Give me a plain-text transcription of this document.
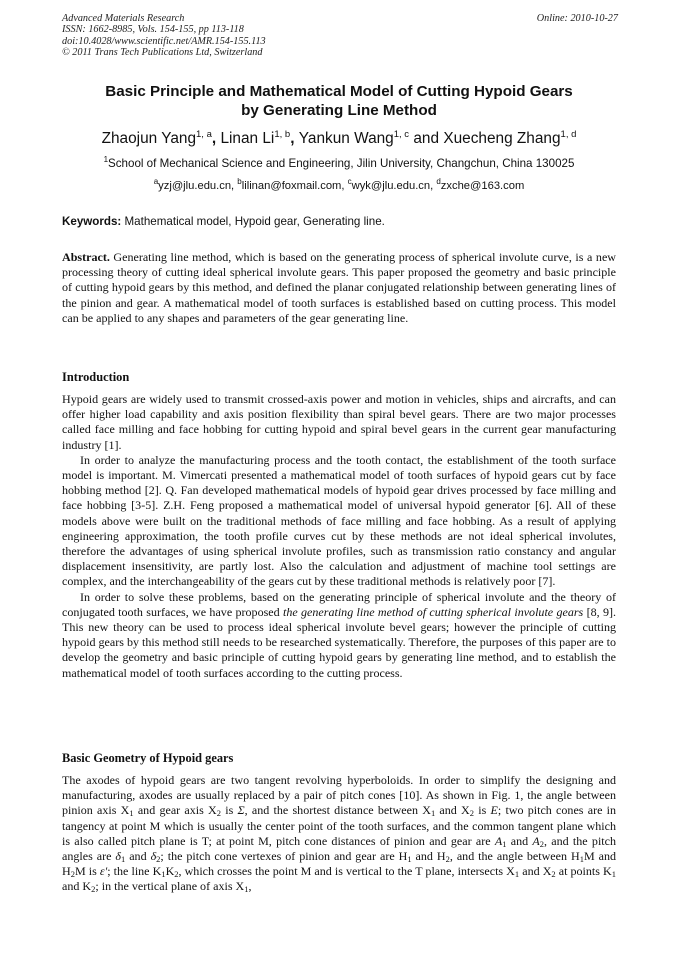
Advanced Materials Research
ISSN: 1662-8985, Vols. 154-155, pp 113-118
doi:10.4028/www.scientific.net/AMR.154-155.113
© 2011 Trans Tech Publications Ltd, Switzerland
Online: 2010-10-27
Basic Principle and Mathematical Model of Cutting Hypoid Gears
by Generating Line Method
Zhaojun Yang$^{1, a}$, Linan Li$^{1, b}$, Yankun Wang$^{1, c}$ and Xuecheng Zhang$^{1, d}$
$^1$School of Mechanical Science and Engineering, Jilin University, Changchun, China 130025
$^a$yzj@jlu.edu.cn, $^b$lilinan@foxmail.com, $^c$wyk@jlu.edu.cn, $^d$zxche@163.com
Keywords: Mathematical model, Hypoid gear, Generating line.

Abstract. Generating line method, which is based on the generating process of spherical involute curve, is a new processing theory of cutting ideal spherical involute gears. This paper proposed the geometry and basic principle of cutting hypoid gears by this method, and defined the planar conjugated relationship between generating lines of the pinion and gear. A mathematical model of tooth surfaces is established based on cutting process. This model can be applied to any shapes and parameters of the gear generating line.

Introduction

Hypoid gears are widely used to transmit crossed-axis power and motion in vehicles, ships and aircrafts, and can offer higher load capability and axis position flexibility than spiral bevel gears. There are two major processes called face milling and face hobbing for cutting hypoid and spiral bevel gears in the current gear manufacturing industry [1].

In order to analyze the manufacturing process and the tooth contact, the establishment of the tooth surface model is important. M. Vimercati presented a mathematical model of tooth surfaces of hypoid gears cut by face hobbing method [2]. Q. Fan developed mathematical models of hypoid gear drives processed by face milling and face hobbing [3-5]. Z.H. Feng proposed a mathematical model of universal hypoid generator [6]. All of these models above were built on the traditional methods of face milling and face hobbing. As a result of applying engineering approximation, the tooth profile curves cut by these methods are not ideal spherical involutes, therefore the advantages of using spherical involute profiles, such as transmission ratio constancy and angular displacement insensitivity, are partly lost. Also the calculation and adjustment of machine tool settings are complex, and the interchangeability of the gears cut by these traditional methods is relatively poor [7].

In order to solve these problems, based on the generating principle of spherical involute and the theory of conjugated tooth surfaces, we have proposed the generating line method of cutting spherical involute gears [8, 9]. This new theory can be used to process ideal spherical involute bevel gears; however the principle of cutting hypoid gears by this method still needs to be researched systematically. Therefore, the purposes of this paper are to develop the geometry and basic principle of cutting hypoid gears by generating line method, and to establish the mathematical model of tooth surfaces according to the cutting process.

Basic Geometry of Hypoid gears

The axodes of hypoid gears are two tangent revolving hyperboloids. In order to simplify the designing and manufacturing, axodes are usually replaced by a pair of pitch cones [10]. As shown in Fig. 1, the angle between pinion axis $X_1$ and gear axis $X_2$ is Σ, and the shortest distance between $X_1$ and $X_2$ is E; two pitch cones are in tangency at point M which is usually the center point of the tooth surfaces, and the common tangent plane which is also called pitch plane is T; at point M, pitch cone distances of pinion and gear are $A_1$ and $A_2$, and the pitch angles are $\delta_1$ and $\delta_2$; the pitch cone vertexes of pinion and gear are $H_1$ and $H_2$, and the angle between $H_1M$ and $H_2M$ is ε′; the line $K_1K_2$, which crosses the point M and is vertical to the T plane, intersects $X_1$ and $X_2$ at points $K_1$ and $K_2$; in the vertical plane of axis $X_1$,
